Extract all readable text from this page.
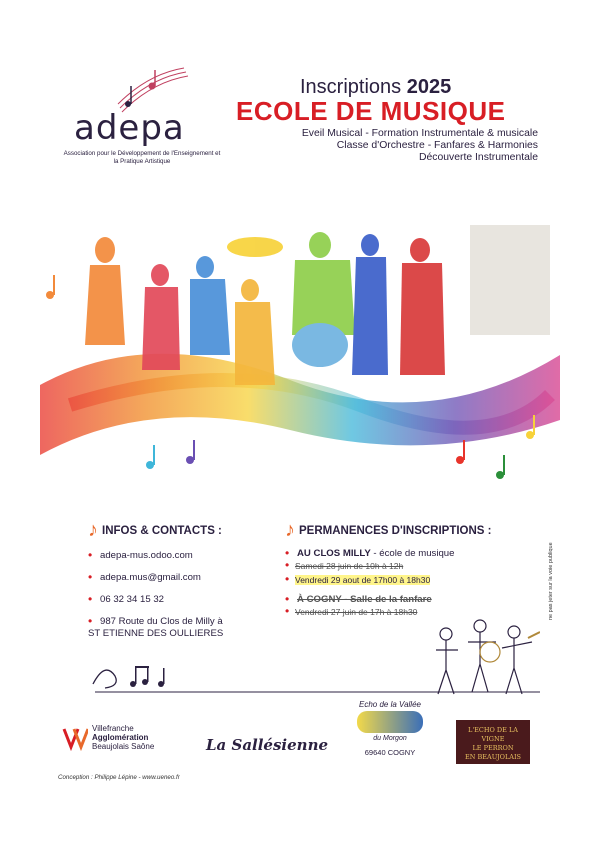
adepa
Association pour le Développement de l'Enseignement et la Pratique Artistique
Inscriptions 2025
ECOLE DE MUSIQUE
Eveil Musical - Formation Instrumentale & musicale
Classe d'Orchestre - Fanfares & Harmonies
Découverte Instrumentale
♪ INFOS & CONTACTS :
• adepa-mus.odoo.com
• adepa.mus@gmail.com
• 06 32 34 15 32
• 987 Route du Clos de Milly à
ST ETIENNE DES OULLIERES
♪ PERMANENCES D'INSCRIPTIONS :
• AU CLOS MILLY - école de musique
• Samedi 28 juin de 10h à 12h
• Vendredi 29 aout de 17h00 à 18h30
• À COGNY - Salle de la fanfare
• Vendredi 27 juin de 17h à 18h30	ne pas jeter sur la voie publique
Villefranche
Agglomération
Beaujolais Saône	La Sallésienne
Echo de la Vallée
du Morgon
69640 COGNY
L'ECHO DE LA VIGNE
LE PERRON
EN BEAUJOLAIS
Conception : Philippe Lépine - www.ueneo.fr
